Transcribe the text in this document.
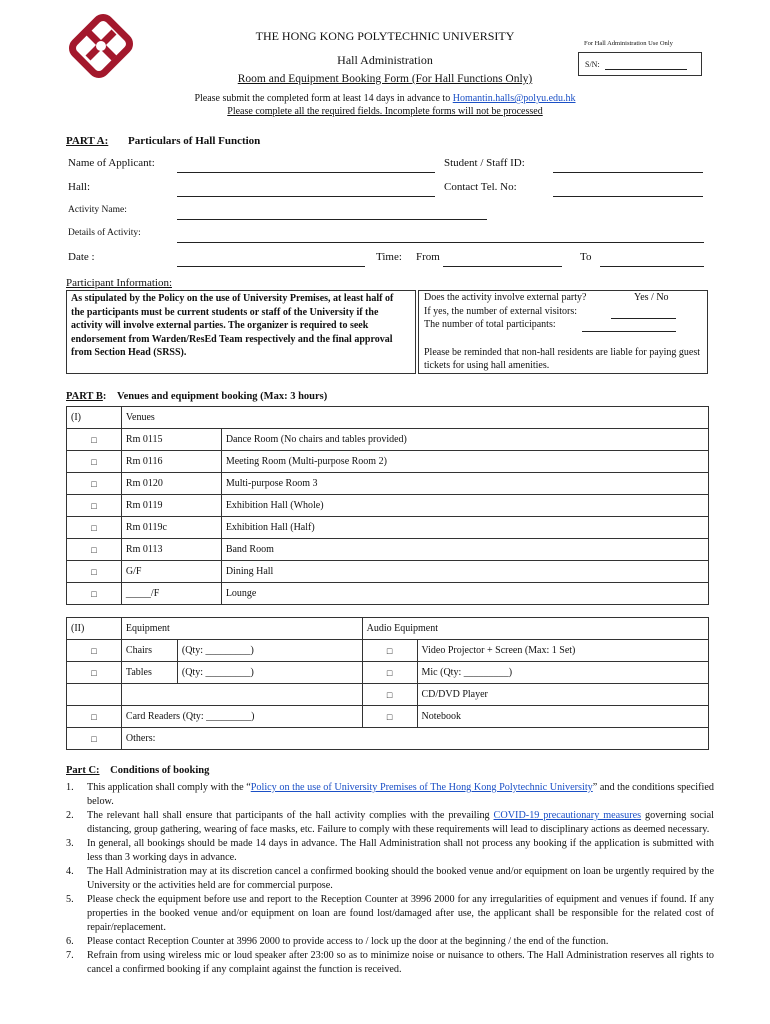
THE HONG KONG POLYTECHNIC UNIVERSITY
For Hall Administration Use Only
S/N:
Hall Administration
Room and Equipment Booking Form (For Hall Functions Only)
Please submit the completed form at least 14 days in advance to Homantin.halls@polyu.edu.hk
Please complete all the required fields. Incomplete forms will not be processed
PART A: Particulars of Hall Function
Name of Applicant:	Student / Staff ID:
Hall:	Contact Tel. No:
Activity Name:
Details of Activity:
Date :	Time: From	To
Participant Information:
As stipulated by the Policy on the use of University Premises, at least half of the participants must be current students or staff of the University if the activity will involve external parties. The organizer is required to seek endorsement from Warden/ResEd Team respectively and the final approval from Section Head (SRSS).
Does the activity involve external party?	Yes / No
If yes, the number of external visitors:
The number of total participants:
Please be reminded that non-hall residents are liable for paying guest tickets for using hall amenities.
PART B: Venues and equipment booking (Max: 3 hours)
(I)	Venues	
□	Rm 0115	Dance Room (No chairs and tables provided)
□	Rm 0116	Meeting Room (Multi-purpose Room 2)
□	Rm 0120	Multi-purpose Room 3
□	Rm 0119	Exhibition Hall (Whole)
□	Rm 0119c	Exhibition Hall (Half)
□	Rm 0113	Band Room
□	G/F	Dining Hall
□	_____/F	Lounge
(II)	Equipment		Audio Equipment	
□	Chairs	(Qty: _________)	□	Video Projector + Screen (Max: 1 Set)
□	Tables	(Qty: _________)	□	Mic (Qty: _________)
			□	CD/DVD Player
□	Card Readers (Qty: _________)		□	Notebook
□	Others:			
Part C: Conditions of booking
1.	This application shall comply with the “Policy on the use of University Premises of The Hong Kong Polytechnic University” and the conditions specified below.
2.	The relevant hall shall ensure that participants of the hall activity complies with the prevailing COVID-19 precautionary measures governing social distancing, group gathering, wearing of face masks, etc. Failure to comply with these requirements will lead to disciplinary actions as deemed necessary.
3.	In general, all bookings should be made 14 days in advance. The Hall Administration shall not process any booking if the application is submitted with less than 3 working days in advance.
4.	The Hall Administration may at its discretion cancel a confirmed booking should the booked venue and/or equipment on loan be urgently required by the University or the activities held are for commercial purpose.
5.	Please check the equipment before use and report to the Reception Counter at 3996 2000 for any irregularities of equipment and venues if found. If any properties in the booked venue and/or equipment on loan are found lost/damaged after use, the applicant shall be responsible for the related cost of repair/replacement.
6.	Please contact Reception Counter at 3996 2000 to provide access to / lock up the door at the beginning / the end of the function.
7.	Refrain from using wireless mic or loud speaker after 23:00 so as to minimize noise or nuisance to others. The Hall Administration reserves all rights to cancel a confirmed booking if any complaint against the function is received.
